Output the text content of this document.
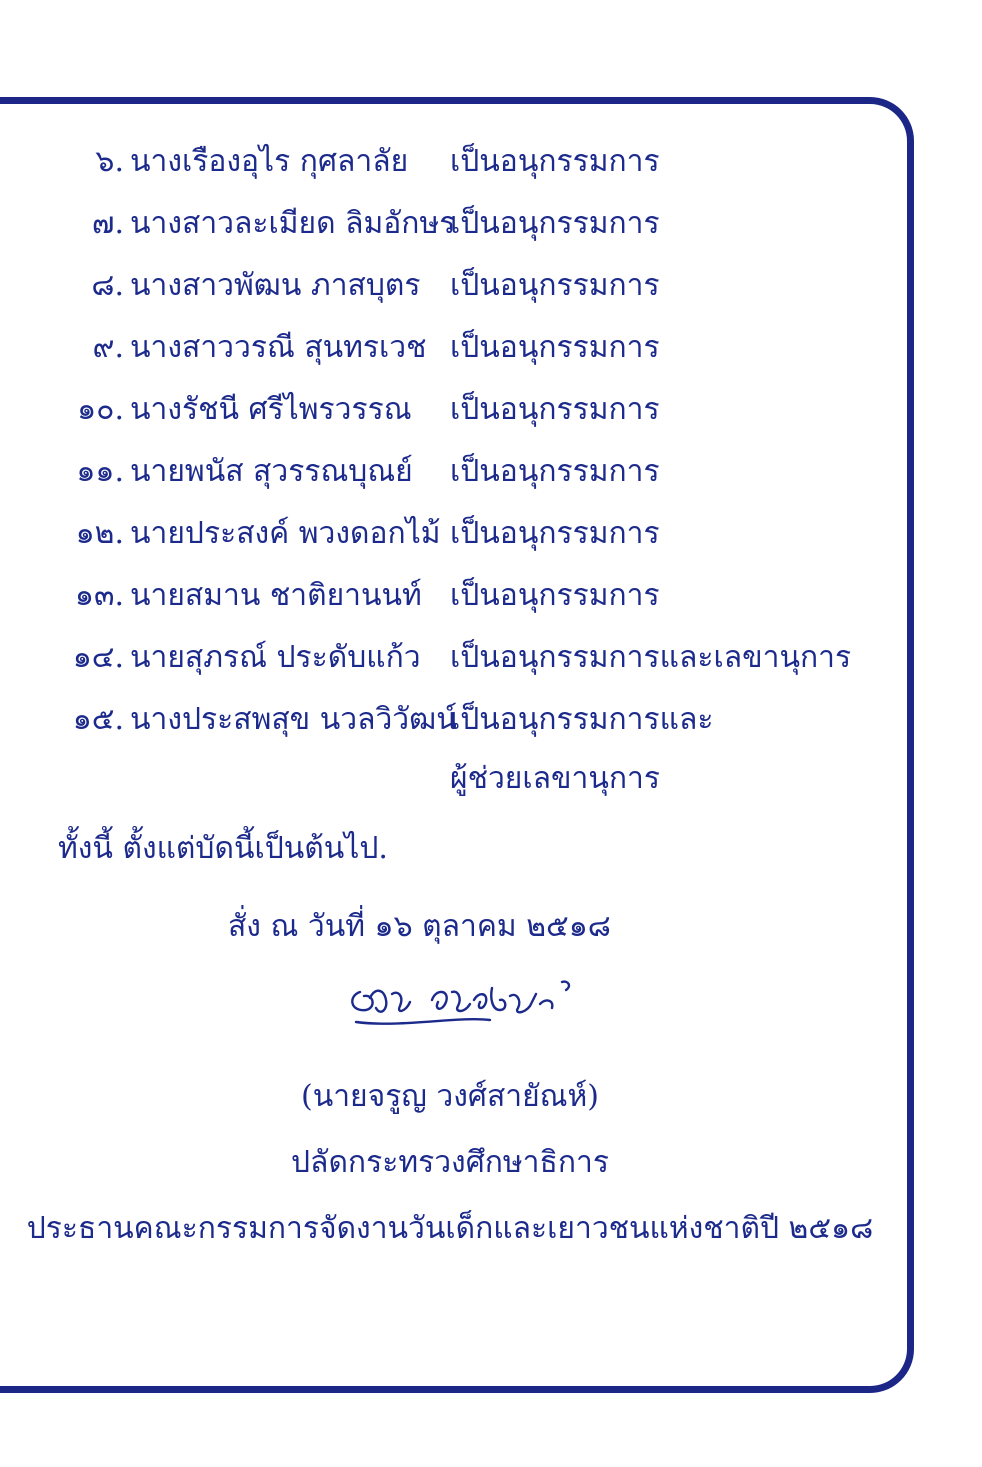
๖. นางเรืองอุไร กุศลาลัย เป็นอนุกรรมการ
๗. นางสาวละเมียด ลิมอักษร
เป็นอนุกรรมการ
๘. นางสาวพัฒน ภาสบุตร เป็นอนุกรรมการ
๙. นางสาววรณี สุนทรเวช เป็นอนุกรรมการ
๑๐. นางรัชนี ศรีไพรวรรณ เป็นอนุกรรมการ
๑๑. นายพนัส สุวรรณบุณย์ เป็นอนุกรรมการ
๑๒. นายประสงค์ พวงดอกไม้ เป็นอนุกรรมการ
๑๓. นายสมาน ชาติยานนท์ เป็นอนุกรรมการ
๑๔. นายสุภรณ์ ประดับแก้ว เป็นอนุกรรมการและเลขานุการ
๑๕. นางประสพสุข นวลวิวัฒน์
เป็นอนุกรรมการและ
ผู้ช่วยเลขานุการ
ทั้งนี้ ตั้งแต่บัดนี้เป็นต้นไป.
สั่ง ณ วันที่ ๑๖ ตุลาคม ๒๕๑๘
(นายจรูญ วงศ์สายัณห์)
ปลัดกระทรวงศึกษาธิการ
ประธานคณะกรรมการจัดงานวันเด็กและเยาวชนแห่งชาติปี ๒๕๑๘
